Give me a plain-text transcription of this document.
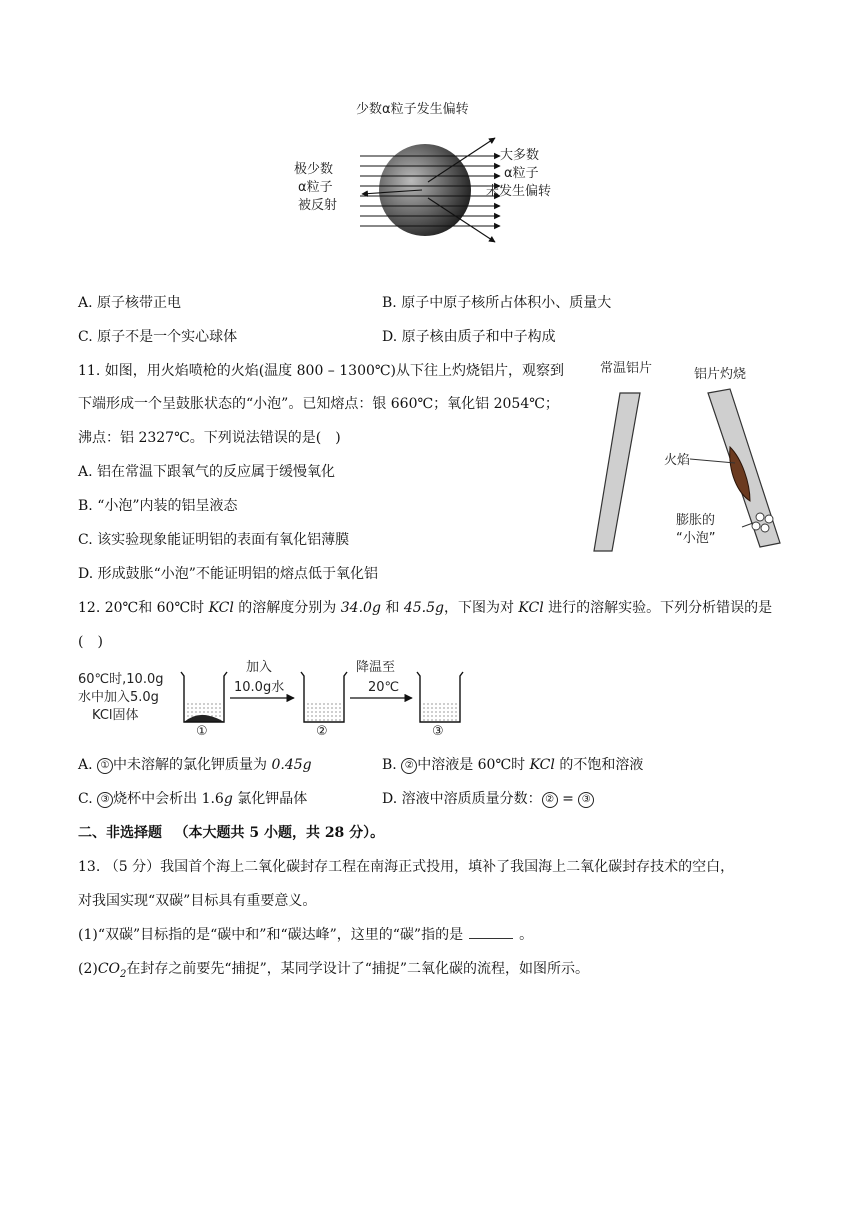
少数α粒子发生偏转
极少数
α粒子
被反射
大多数
α粒子
未发生偏转
A. 原子核带正电	B. 原子中原子核所占体积小、质量大
C. 原子不是一个实心球体	D. 原子核由质子和中子构成
11. 如图，用火焰喷枪的火焰(温度 800 – 1300℃)从下往上灼烧铝片，观察到
下端形成一个呈鼓胀状态的“小泡”。已知熔点：银 660℃；氧化铝 2054℃；
沸点：铝 2327℃。下列说法错误的是(　)
A. 铝在常温下跟氧气的反应属于缓慢氧化
B. “小泡”内装的铝呈液态
C. 该实验现象能证明铝的表面有氧化铝薄膜
D. 形成鼓胀“小泡”不能证明铝的熔点低于氧化铝
常温铝片	铝片灼烧
火焰
膨胀的
“小泡”
12. 20℃和 60℃时 KCl 的溶解度分别为 34.0g 和 45.5g，下图为对 KCl 进行的溶解实验。下列分析错误的是
(　)
60℃时,10.0g
水中加入5.0g
KCl固体
加入
10.0g水
降温至
20℃
①	②	③
A. ① 中未溶解的氯化钾质量为 0.45g	B. ② 中溶液是 60℃时 KCl 的不饱和溶液
C. ③ 烧杯中会析出 1.6g 氯化钾晶体	D. 溶液中溶质质量分数： ② = ③
二、非选择题 （本大题共 5 小题，共 28 分）。
13. （5 分）我国首个海上二氧化碳封存工程在南海正式投用，填补了我国海上二氧化碳封存技术的空白，
对我国实现“双碳”目标具有重要意义。
(1)“双碳”目标指的是“碳中和”和“碳达峰”，这里的“碳”指的是	。
$(2)CO_2$在封存之前要先“捕捉”，某同学设计了“捕捉”二氧化碳的流程，如图所示。
